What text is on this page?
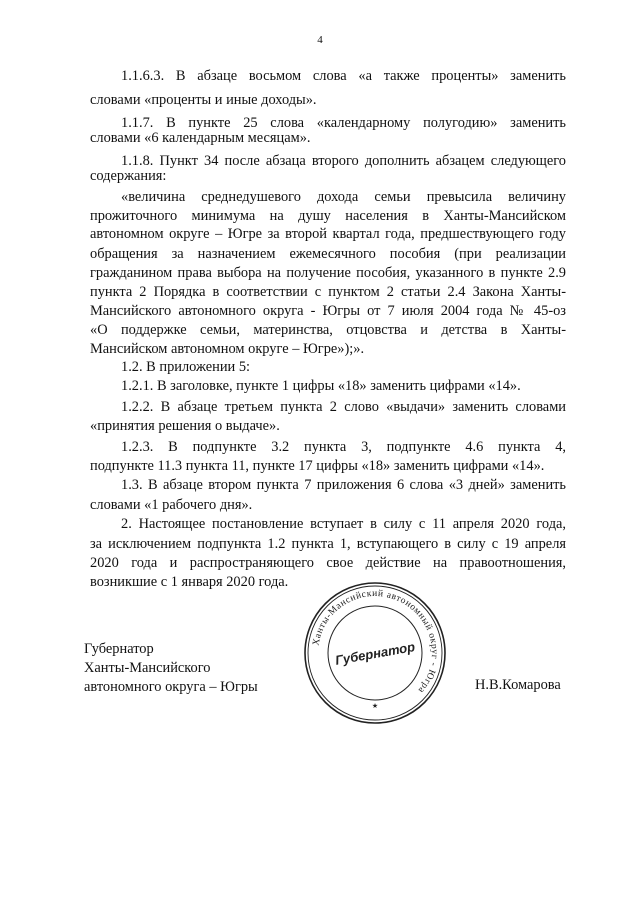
4
1.1.6.3. В абзаце восьмом слова «а также проценты» заменить
словами «проценты и иные доходы».
1.1.7. В пункте 25 слова «календарному полугодию» заменить
словами «6 календарным месяцам».
1.1.8. Пункт 34 после абзаца второго дополнить абзацем следующего
содержания:
«величина среднедушевого дохода семьи превысила величину
прожиточного минимума на душу населения в Ханты-Мансийском
автономном округе – Югре за второй квартал года, предшествующего году
обращения за назначением ежемесячного пособия (при реализации
гражданином права выбора на получение пособия, указанного в пункте 2.9
пункта 2 Порядка в соответствии с пунктом 2 статьи 2.4 Закона Ханты-
Мансийского автономного округа - Югры от 7 июля 2004 года № 45-оз
«О поддержке семьи, материнства, отцовства и детства в Ханты-
Мансийском автономном округе – Югре»);».
1.2. В приложении 5:
1.2.1. В заголовке, пункте 1 цифры «18» заменить цифрами «14».
1.2.2. В абзаце третьем пункта 2 слово «выдачи» заменить словами
«принятия решения о выдаче».
1.2.3. В подпункте 3.2 пункта 3, подпункте 4.6 пункта 4,
подпункте 11.3 пункта 11, пункте 17 цифры «18» заменить цифрами «14».
1.3. В абзаце втором пункта 7 приложения 6 слова «3 дней» заменить
словами «1 рабочего дня».
2. Настоящее постановление вступает в силу с 11 апреля 2020 года,
за исключением подпункта 1.2 пункта 1, вступающего в силу с 19 апреля
2020 года и распространяющего свое действие на правоотношения,
возникшие с 1 января 2020 года.
Губернатор
Ханты-Мансийского
автономного округа – Югры	Н.В.Комарова
Ханты-Мансийский автономный округ - Югра
Губернатор
★
